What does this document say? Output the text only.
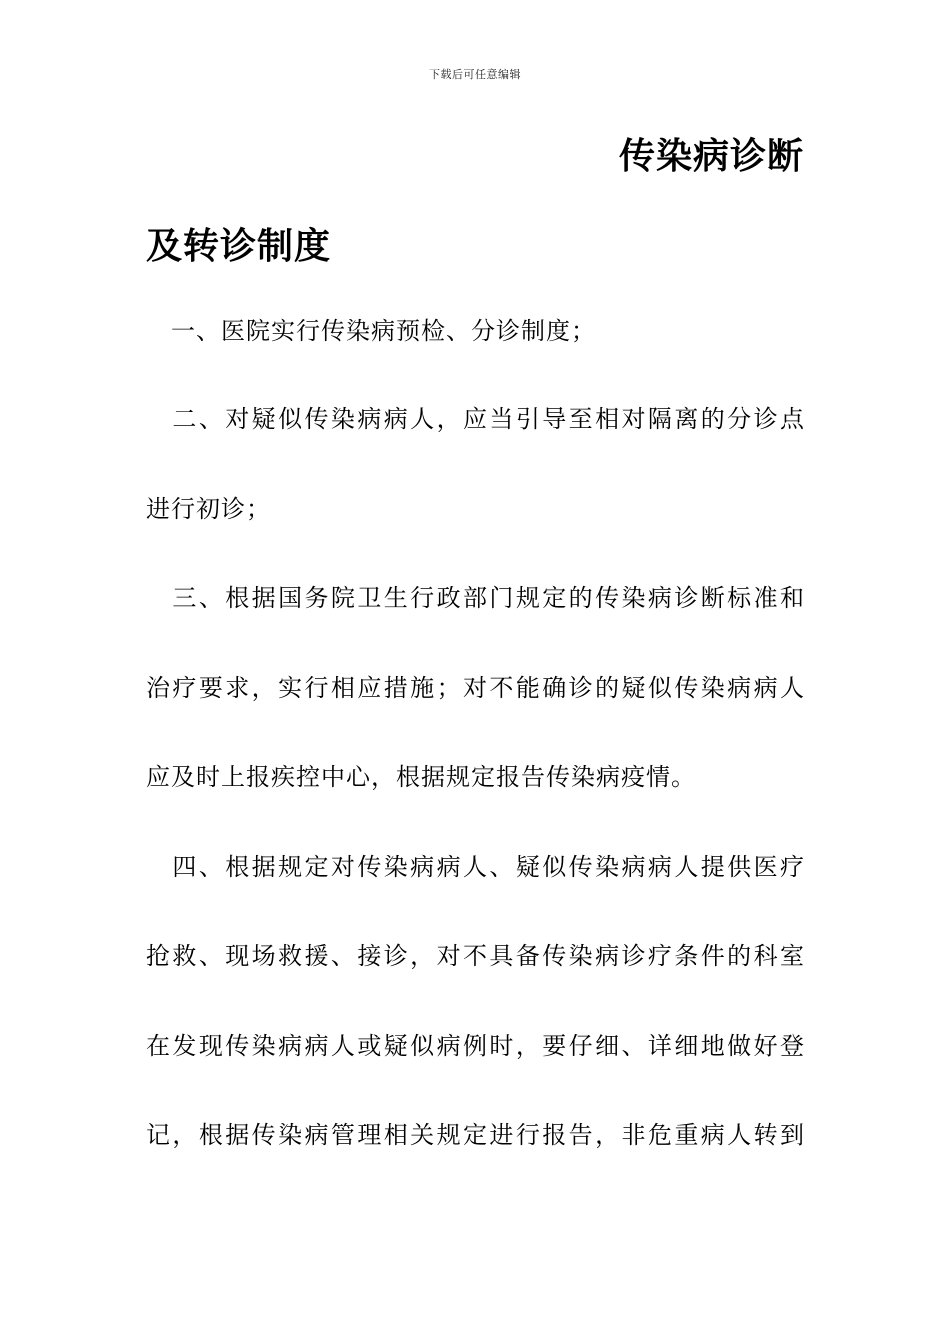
下载后可任意编辑
传染病诊断
及转诊制度
　一、医院实行传染病预检、分诊制度；
　二、对疑似传染病病人，应当引导至相对隔离的分诊点
进行初诊；
　三、根据国务院卫生行政部门规定的传染病诊断标准和
治疗要求，实行相应措施；对不能确诊的疑似传染病病人
应及时上报疾控中心，根据规定报告传染病疫情。
　四、根据规定对传染病病人、疑似传染病病人提供医疗
抢救、现场救援、接诊，对不具备传染病诊疗条件的科室
在发现传染病病人或疑似病例时，要仔细、详细地做好登
记，根据传染病管理相关规定进行报告，非危重病人转到
